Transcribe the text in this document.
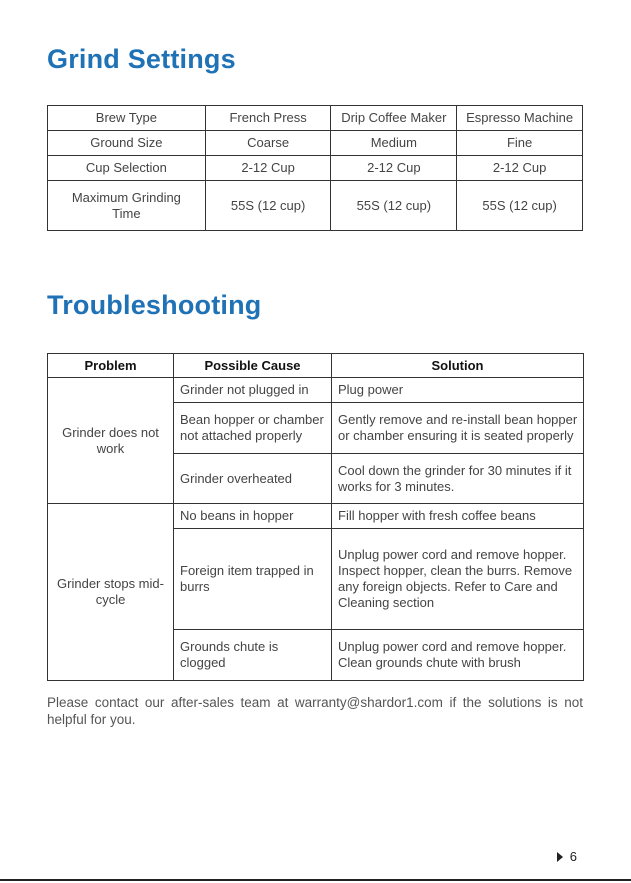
Grind Settings
Brew Type	French Press	Drip Coffee Maker	Espresso Machine
Ground Size	Coarse	Medium	Fine
Cup Selection	2-12 Cup	2-12 Cup	2-12 Cup
Maximum Grinding Time	55S (12 cup)	55S (12 cup)	55S (12 cup)
Troubleshooting
Problem	Possible Cause	Solution
Grinder does not work	Grinder not plugged in	Plug power
	Bean hopper or chamber not attached properly	Gently remove and re-install bean hopper or chamber ensuring it is seated properly
	Grinder overheated	Cool down the grinder for 30 minutes if it works for 3 minutes.
Grinder stops mid-cycle	No beans in hopper	Fill hopper with fresh coffee beans
	Foreign item trapped in burrs	Unplug power cord and remove hopper. Inspect hopper, clean the burrs. Remove any foreign objects. Refer to Care and Cleaning section
	Grounds chute is clogged	Unplug power cord and remove hopper. Clean grounds chute with brush

Please contact our after-sales team at warranty@shardor1.com if the solutions is not helpful for you.

6
